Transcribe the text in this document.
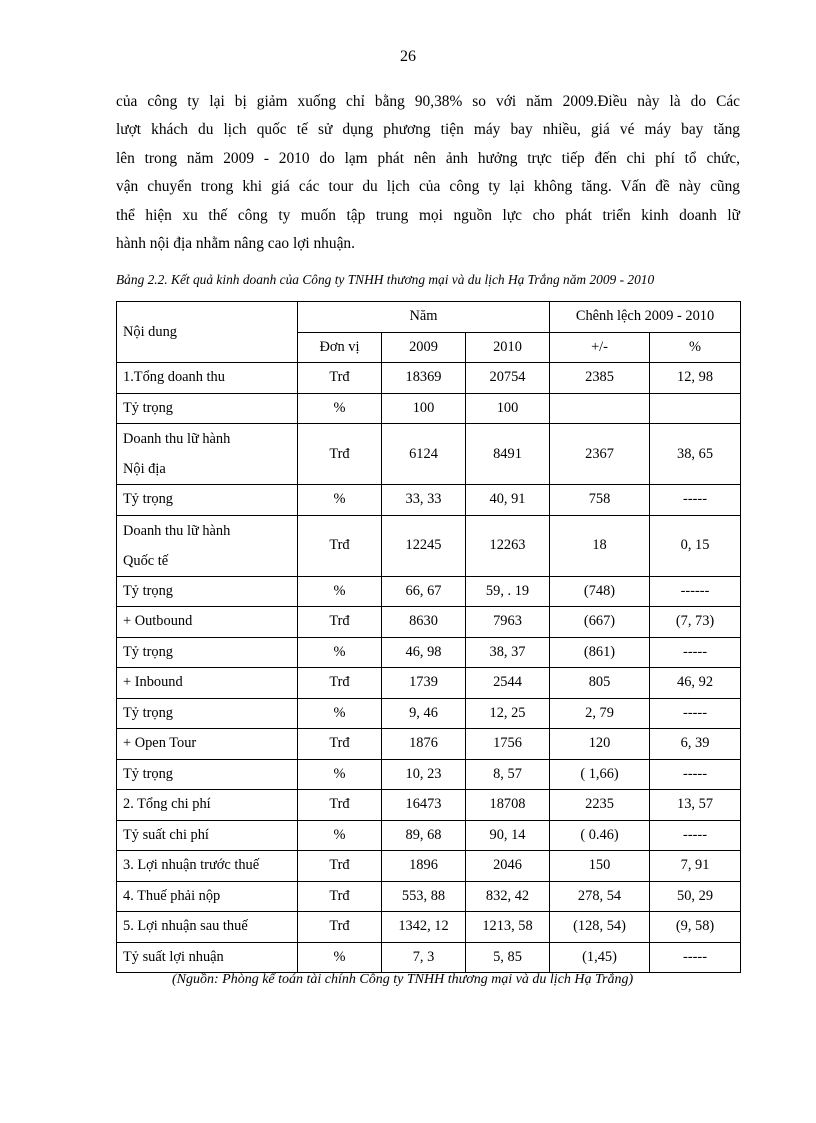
26
của công ty lại bị giảm xuống chỉ bằng 90,38% so với năm 2009.Điều này là do Các
lượt khách du lịch quốc tế sử dụng phương tiện máy bay nhiều, giá vé máy bay tăng
lên trong năm 2009 - 2010 do lạm phát nên ảnh hưởng trực tiếp đến chi phí tổ chức,
vận chuyển trong khi giá các tour du lịch của công ty lại không tăng. Vấn đề này cũng
thể hiện xu thế công ty muốn tập trung mọi nguồn lực cho phát triển kinh doanh lữ
hành nội địa nhằm nâng cao lợi nhuận.
Bảng 2.2. Kết quả kinh doanh của Công ty TNHH thương mại và du lịch Hạ Trắng năm 2009 - 2010
Nội dung	Năm			Chênh lệch 2009 - 2010	
	Đơn vị	2009	2010	+/-	%
1.Tổng doanh thu	Trđ	18369	20754	2385	12, 98
Tỷ trọng	%	100	100		

Doanh thu lữ hành
Nội địa	Trđ	6124	8491	2367	38, 65
Tỷ trọng	%	33, 33	40, 91	758	-----

Doanh thu lữ hành
Quốc tế	Trđ	12245	12263	18	0, 15
Tỷ trọng	%	66, 67	59, . 19	(748)	------
+ Outbound	Trđ	8630	7963	(667)	(7, 73)
Tỷ trọng	%	46, 98	38, 37	(861)	-----
+ Inbound	Trđ	1739	2544	805	46, 92
Tỷ trọng	%	9, 46	12, 25	2, 79	-----
+ Open Tour	Trđ	1876	1756	120	6, 39
Tỷ trọng	%	10, 23	8, 57	( 1,66)	-----
2. Tổng chi phí	Trđ	16473	18708	2235	13, 57
Tỷ suất chi phí	%	89, 68	90, 14	( 0.46)	-----
3. Lợi nhuận trước thuế	Trđ	1896	2046	150	7, 91
4. Thuế phải nộp	Trđ	553, 88	832, 42	278, 54	50, 29
5. Lợi nhuận sau thuế	Trđ	1342, 12	1213, 58	(128, 54)	(9, 58)
Tỷ suất lợi nhuận	%	7, 3	5, 85	(1,45)	-----
(Nguồn: Phòng kế toán tài chính Công ty TNHH thương mại và du lịch Hạ Trắng)
